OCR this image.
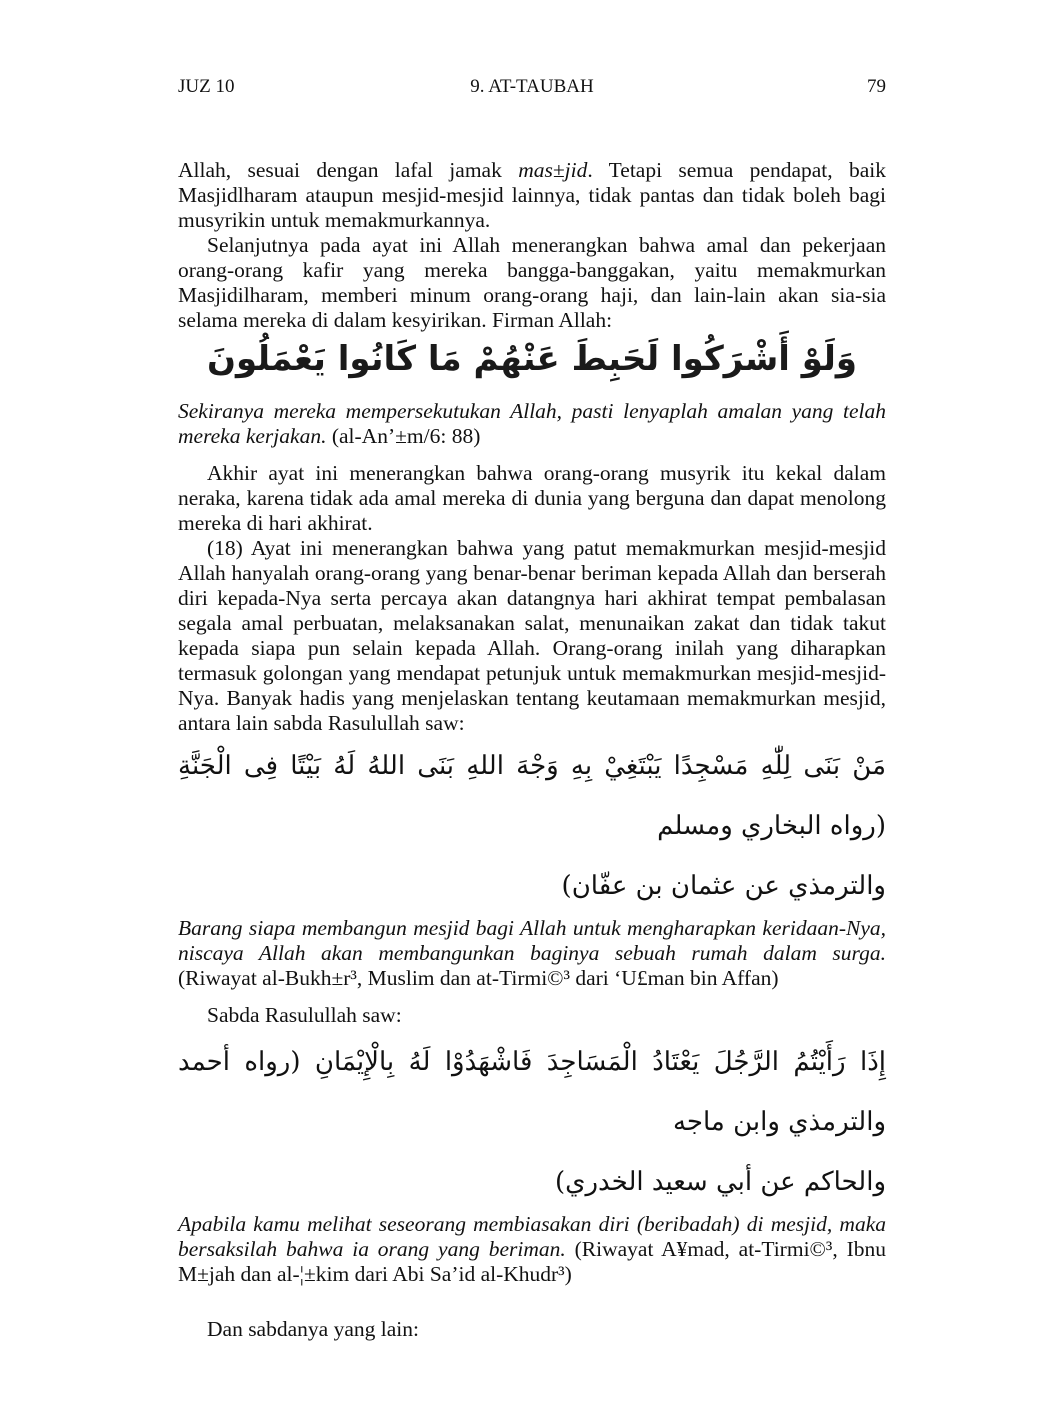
JUZ 10	9. AT-TAUBAH	79

Allah, sesuai dengan lafal jamak mas±jid. Tetapi semua pendapat, baik Masjidlharam ataupun mesjid-mesjid lainnya, tidak pantas dan tidak boleh bagi musyrikin untuk memakmurkannya.

Selanjutnya pada ayat ini Allah menerangkan bahwa amal dan pekerjaan orang-orang kafir yang mereka bangga-banggakan, yaitu memakmurkan Masjidilharam, memberi minum orang-orang haji, dan lain-lain akan sia-sia selama mereka di dalam kesyirikan. Firman Allah:

وَلَوْ أَشْرَكُوا لَحَبِطَ عَنْهُمْ مَا كَانُوا يَعْمَلُونَ

Sekiranya mereka mempersekutukan Allah, pasti lenyaplah amalan yang telah mereka kerjakan. (al-An’±m/6: 88)

Akhir ayat ini menerangkan bahwa orang-orang musyrik itu kekal dalam neraka, karena tidak ada amal mereka di dunia yang berguna dan dapat menolong mereka di hari akhirat.

(18) Ayat ini menerangkan bahwa yang patut memakmurkan mesjid-mesjid Allah hanyalah orang-orang yang benar-benar beriman kepada Allah dan berserah diri kepada-Nya serta percaya akan datangnya hari akhirat tempat pembalasan segala amal perbuatan, melaksanakan salat, menunaikan zakat dan tidak takut kepada siapa pun selain kepada Allah. Orang-orang inilah yang diharapkan termasuk golongan yang mendapat petunjuk untuk memakmurkan mesjid-mesjid-Nya. Banyak hadis yang menjelaskan tentang keutamaan memakmurkan mesjid, antara lain sabda Rasulullah saw:

مَنْ بَنَى لِلّٰهِ مَسْجِدًا يَبْتَغِيْ بِهِ وَجْهَ اللهِ بَنَى اللهُ لَهُ بَيْتًا فِى الْجَنَّةِ (رواه البخاري ومسلم
والترمذي عن عثمان بن عفّان)

Barang siapa membangun mesjid bagi Allah untuk mengharapkan keridaan-Nya, niscaya Allah akan membangunkan baginya sebuah rumah dalam surga. (Riwayat al-Bukh±r³, Muslim dan at-Tirmi©³ dari ‘U£man bin Affan)

Sabda Rasulullah saw:

إِذَا رَأَيْتُمُ الرَّجُلَ يَعْتَادُ الْمَسَاجِدَ فَاشْهَدُوْا لَهُ بِالْإِيْمَانِ (رواه أحمد والترمذي وابن ماجه
والحاكم عن أبي سعيد الخدري)

Apabila kamu melihat seseorang membiasakan diri (beribadah) di mesjid, maka bersaksilah bahwa ia orang yang beriman. (Riwayat A¥mad, at-Tirmi©³, Ibnu M±jah dan al-¦±kim dari Abi Sa’id al-Khudr³)

Dan sabdanya yang lain:
